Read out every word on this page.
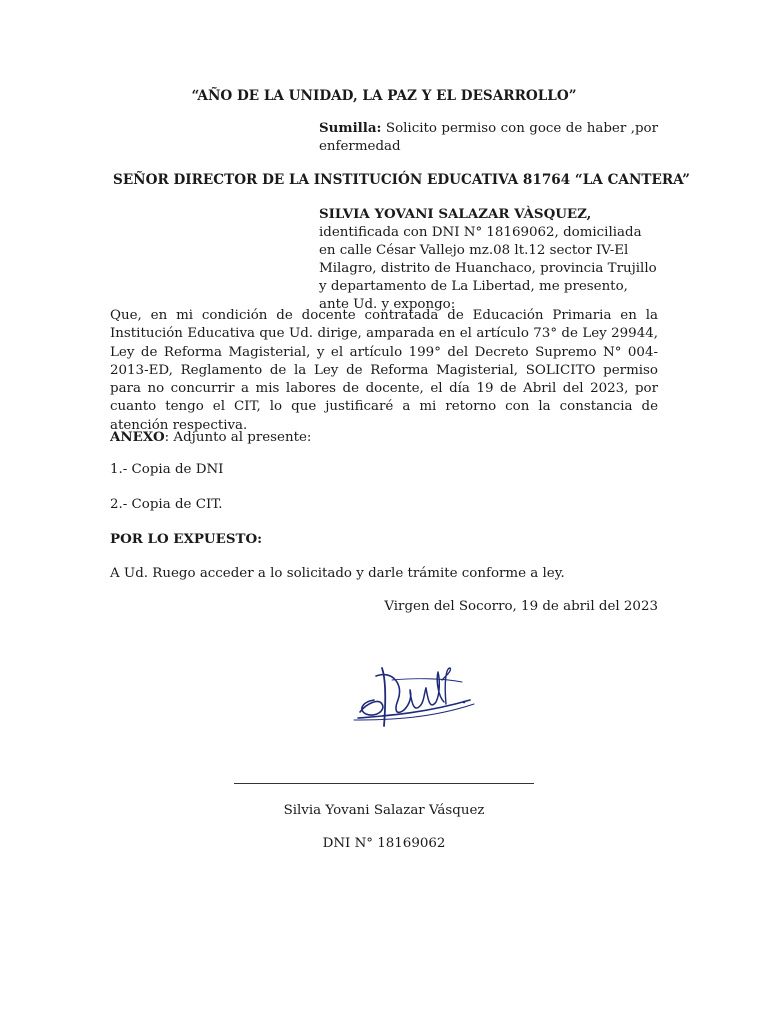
“AÑO DE LA UNIDAD, LA PAZ Y EL DESARROLLO”
Sumilla: Solicito permiso con goce de haber ,por enfermedad
SEÑOR DIRECTOR DE LA INSTITUCIÓN EDUCATIVA 81764 “LA CANTERA”
SILVIA YOVANI SALAZAR VÀSQUEZ, identificada con DNI N° 18169062, domiciliada en calle César Vallejo mz.08 lt.12 sector IV-El Milagro, distrito de Huanchaco, provincia Trujillo y departamento de La Libertad, me presento, ante Ud. y expongo:
Que, en mi condición de docente contratada de Educación Primaria en la Institución Educativa que Ud. dirige, amparada en el artículo 73° de Ley 29944, Ley de Reforma Magisterial, y el artículo 199° del Decreto Supremo N° 004-2013-ED, Reglamento de la Ley de Reforma Magisterial, SOLICITO permiso para no concurrir a mis labores de docente, el día 19 de Abril del 2023, por cuanto tengo el CIT, lo que justificaré a mi retorno con la constancia de atención respectiva.
ANEXO: Adjunto al presente:
1.- Copia de DNI
2.- Copia de CIT.
POR LO EXPUESTO:
A Ud. Ruego acceder a lo solicitado y darle trámite conforme a ley.
Virgen del Socorro, 19 de abril del 2023
Silvia Yovani Salazar Vásquez
DNI N° 18169062
